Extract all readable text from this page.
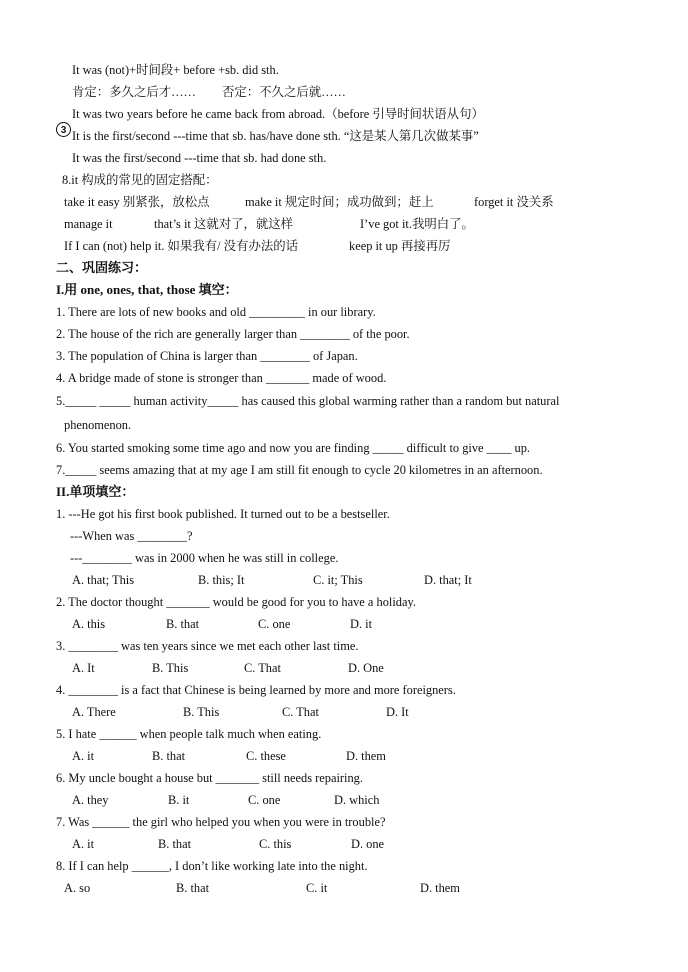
It was (not)+时间段+ before +sb. did sth.
肯定：多久之后才…… 否定：不久之后就……
It was two years before he came back from abroad.（before 引导时间状语从句）
3 It is the first/second ---time that sb. has/have done sth. “这是某人第几次做某事”
It was the first/second ---time that sb. had done sth.
8.it 构成的常见的固定搭配：
take it easy 别紧张，放松点	make it 规定时间；成功做到；赶上	forget it 没关系
manage it	that’s it 这就对了，就这样	I’ve got it.我明白了。
If I can (not) help it. 如果我有/ 没有办法的话	keep it up 再接再厉
二、巩固练习：
I.用 one, ones, that, those 填空：
1. There are lots of new books and old _________ in our library.
2. The house of the rich are generally larger than ________ of the poor.
3. The population of China is larger than ________ of Japan.
4. A bridge made of stone is stronger than _______ made of wood.
5._____ _____ human activity_____ has caused this global warming rather than a random but natural
phenomenon.
6. You started smoking some time ago and now you are finding _____ difficult to give ____ up.
7._____ seems amazing that at my age I am still fit enough to cycle 20 kilometres in an afternoon.
II.单项填空：
1. ---He got his first book published. It turned out to be a bestseller.
---When was ________?
---________ was in 2000 when he was still in college.
A. that; This	B. this; It	C. it; This	D. that; It
2. The doctor thought _______ would be good for you to have a holiday.
A. this	B. that	C. one	D. it
3. ________ was ten years since we met each other last time.
A. It	B. This	C. That	D. One
4. ________ is a fact that Chinese is being learned by more and more foreigners.
A. There	B. This	C. That	D. It
5. I hate ______ when people talk much when eating.
A. it	B. that	C. these	D. them
6. My uncle bought a house but _______ still needs repairing.
A. they	B. it	C. one	D. which
7. Was ______ the girl who helped you when you were in trouble?
A. it	B. that	C. this	D. one
8. If I can help ______, I don’t like working late into the night.
A. so	B. that	C. it	D. them
